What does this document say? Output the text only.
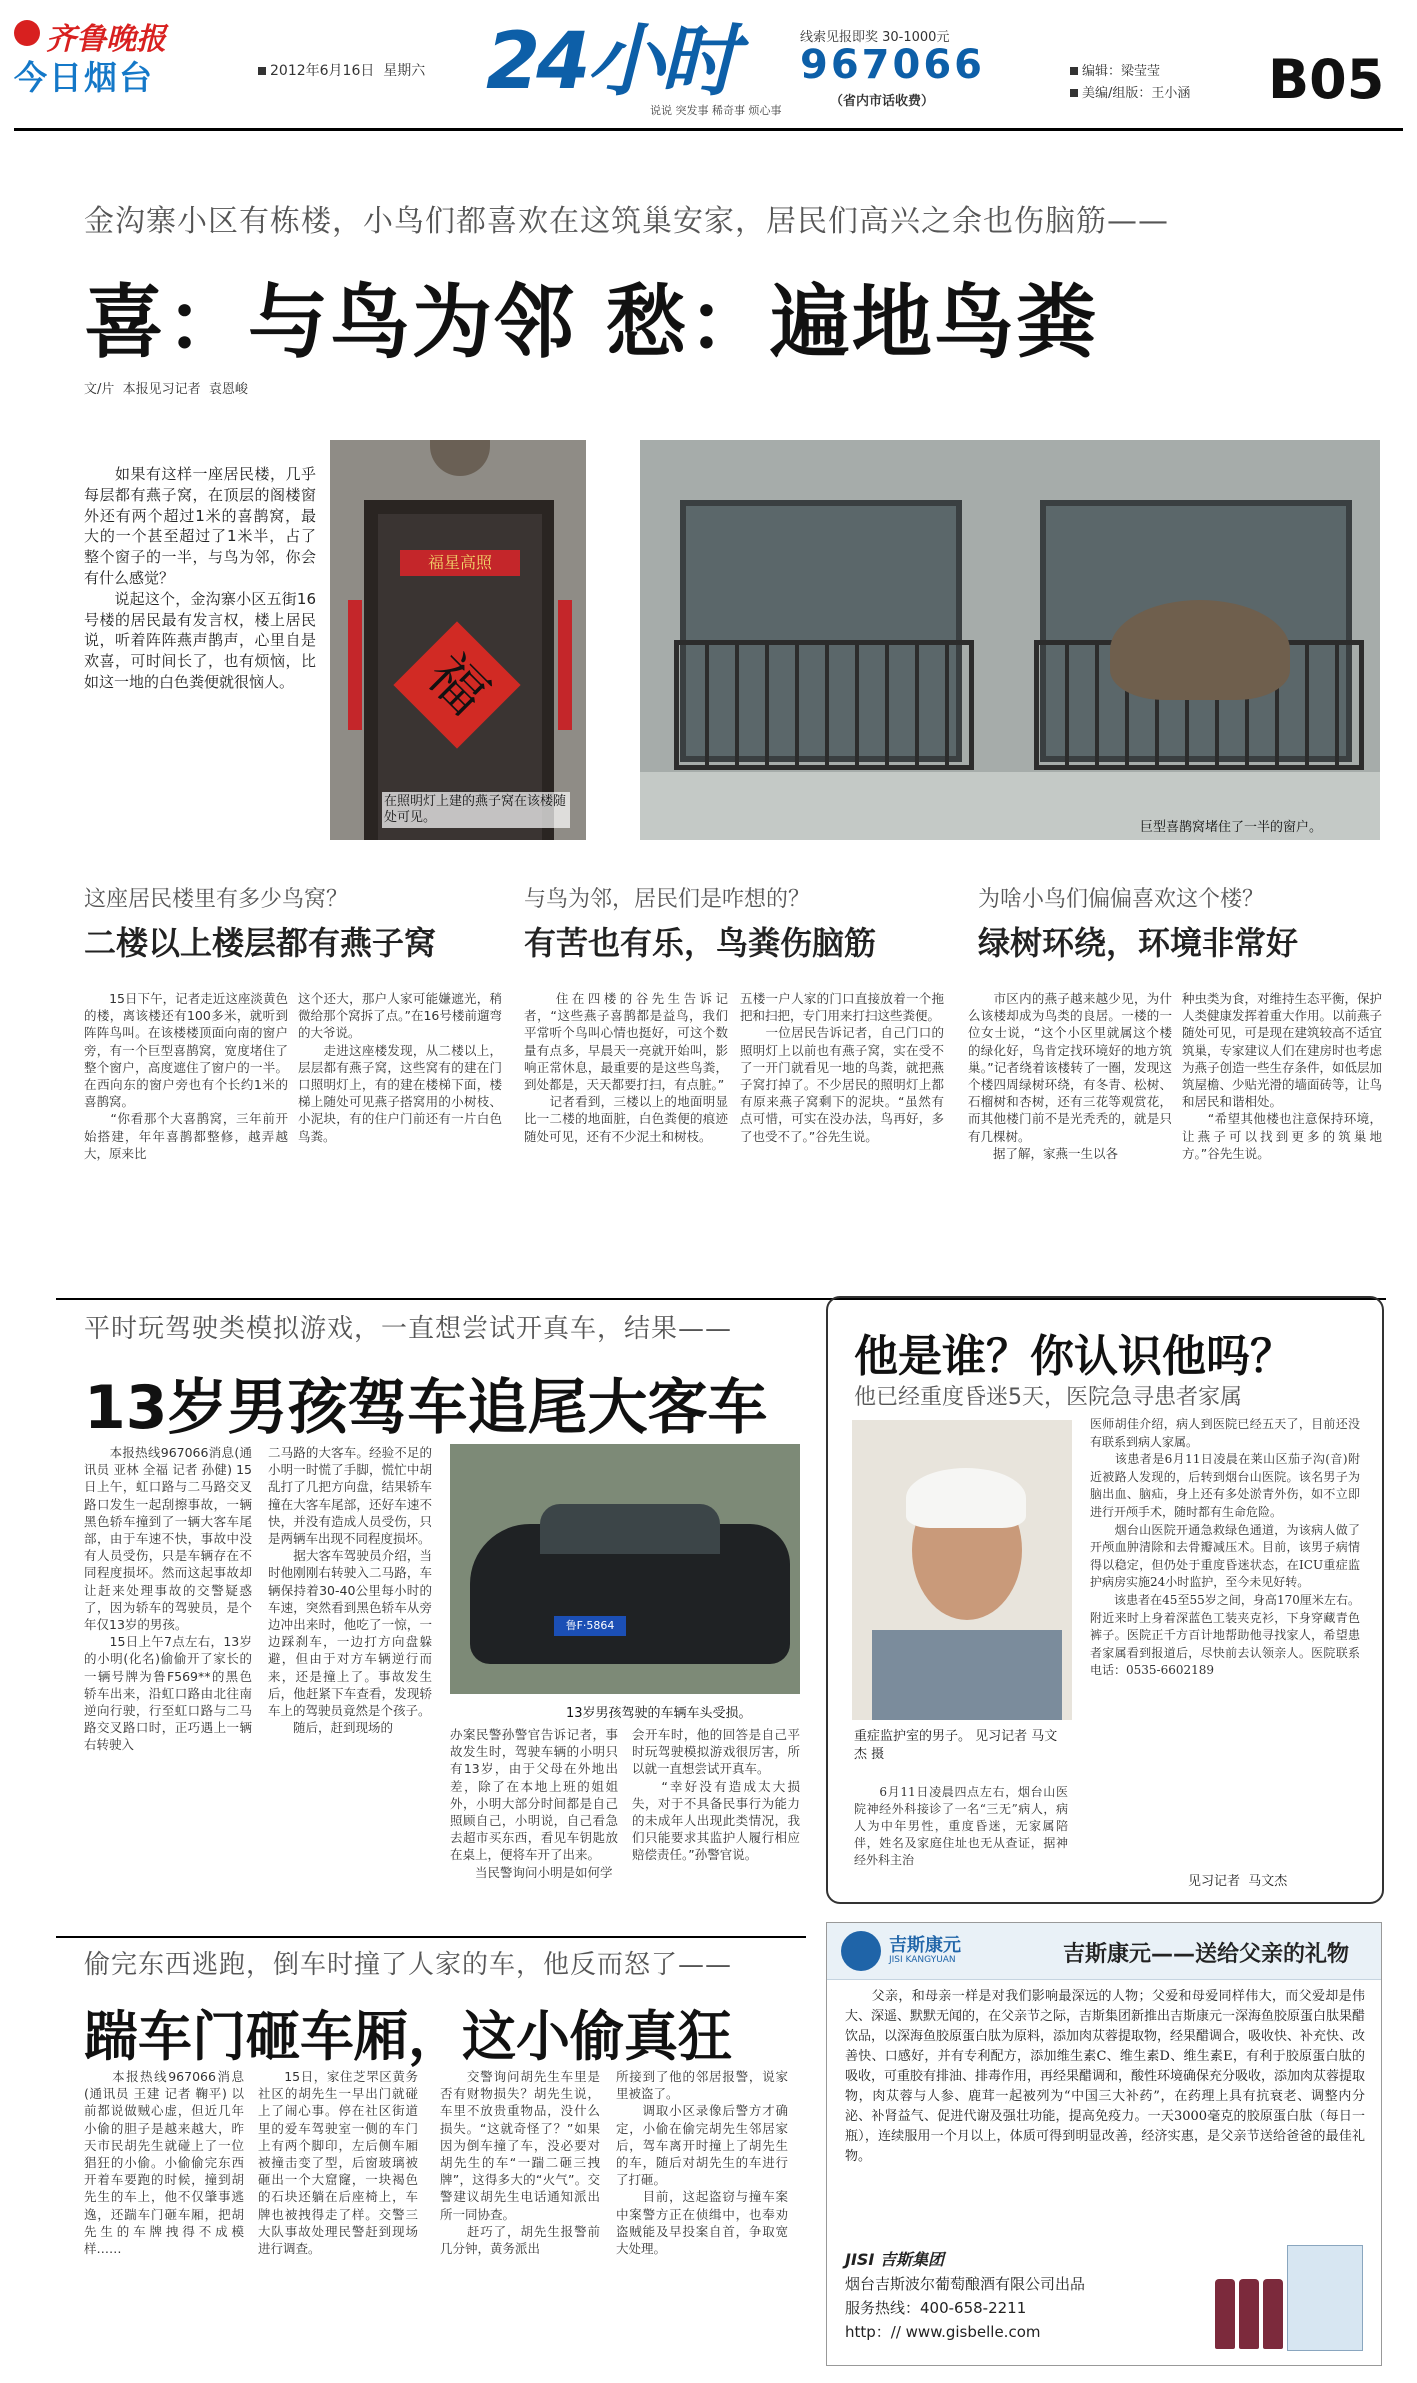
齐鲁晚报
今日烟台	2012年6月16日 星期六 24小时
说说 突发事 稀奇事 烦心事
线索见报即奖 30-1000元
967066
（省内市话收费）
编辑：梁莹莹
美编/组版：王小涵 B05
金沟寨小区有栋楼，小鸟们都喜欢在这筑巢安家，居民们高兴之余也伤脑筋——
喜：与鸟为邻 愁：遍地鸟粪
文/片  本报见习记者  袁恩峻
　　如果有这样一座居民楼，几乎每层都有燕子窝，在顶层的阁楼窗外还有两个超过1米的喜鹊窝，最大的一个甚至超过了1米半，占了整个窗子的一半，与鸟为邻，你会有什么感觉？
　　说起这个，金沟寨小区五街16号楼的居民最有发言权，楼上居民说，听着阵阵燕声鹊声，心里自是欢喜，可时间长了，也有烦恼，比如这一地的白色粪便就很恼人。
福星高照
福
在照明灯上建的燕子窝在该楼随处可见。
巨型喜鹊窝堵住了一半的窗户。
这座居民楼里有多少鸟窝？
二楼以上楼层都有燕子窝
与鸟为邻，居民们是咋想的？
有苦也有乐，鸟粪伤脑筋
为啥小鸟们偏偏喜欢这个楼？
绿树环绕，环境非常好
　　15日下午，记者走近这座淡黄色的楼，离该楼还有100多米，就听到阵阵鸟叫。在该楼楼顶面向南的窗户旁，有一个巨型喜鹊窝，宽度堵住了整个窗户，高度遮住了窗户的一半。在西向东的窗户旁也有个长约1米的喜鹊窝。
　　“你看那个大喜鹊窝，三年前开始搭建，年年喜鹊都整修，越弄越大，原来比
这个还大，那户人家可能嫌遮光，稍微给那个窝拆了点。”在16号楼前遛弯的大爷说。
　　走进这座楼发现，从二楼以上，层层都有燕子窝，这些窝有的建在门口照明灯上，有的建在楼梯下面，楼梯上随处可见燕子搭窝用的小树枝、小泥块，有的住户门前还有一片白色鸟粪。
　　住在四楼的谷先生告诉记者，“这些燕子喜鹊都是益鸟，我们平常听个鸟叫心情也挺好，可这个数量有点多，早晨天一亮就开始叫，影响正常休息，最重要的是这些鸟粪，到处都是，天天都要打扫，有点脏。”
　　记者看到，三楼以上的地面明显比一二楼的地面脏，白色粪便的痕迹随处可见，还有不少泥土和树枝。
五楼一户人家的门口直接放着一个拖把和扫把，专门用来打扫这些粪便。
　　一位居民告诉记者，自己门口的照明灯上以前也有燕子窝，实在受不了一开门就看见一地的鸟粪，就把燕子窝打掉了。不少居民的照明灯上都有原来燕子窝剩下的泥块。“虽然有点可惜，可实在没办法，鸟再好，多了也受不了。”谷先生说。
　　市区内的燕子越来越少见，为什么该楼却成为鸟类的良居。一楼的一位女士说，“这个小区里就属这个楼的绿化好，鸟肯定找环境好的地方筑巢。”记者绕着该楼转了一圈，发现这个楼四周绿树环绕，有冬青、松树、石榴树和杏树，还有三花等观赏花，而其他楼门前不是光秃秃的，就是只有几棵树。
　　据了解，家燕一生以各
种虫类为食，对维持生态平衡，保护人类健康发挥着重大作用。以前燕子随处可见，可是现在建筑较高不适宜筑巢，专家建议人们在建房时也考虑为燕子创造一些生存条件，如低层加筑屋檐、少贴光滑的墙面砖等，让鸟和居民和谐相处。
　　“希望其他楼也注意保持环境，让燕子可以找到更多的筑巢地方。”谷先生说。
平时玩驾驶类模拟游戏，一直想尝试开真车，结果——
13岁男孩驾车追尾大客车
　　本报热线967066消息(通讯员 亚林 全福 记者 孙健) 15日上午，虹口路与二马路交叉路口发生一起刮擦事故，一辆黑色轿车撞到了一辆大客车尾部，由于车速不快，事故中没有人员受伤，只是车辆存在不同程度损坏。然而这起事故却让赶来处理事故的交警疑惑了，因为轿车的驾驶员，是个年仅13岁的男孩。
　　15日上午7点左右，13岁的小明(化名)偷偷开了家长的一辆号牌为鲁F569**的黑色轿车出来，沿虹口路由北往南逆向行驶，行至虹口路与二马路交叉路口时，正巧遇上一辆右转驶入
二马路的大客车。经验不足的小明一时慌了手脚，慌忙中胡乱打了几把方向盘，结果轿车撞在大客车尾部，还好车速不快，并没有造成人员受伤，只是两辆车出现不同程度损坏。
　　据大客车驾驶员介绍，当时他刚刚右转驶入二马路，车辆保持着30-40公里每小时的车速，突然看到黑色轿车从旁边冲出来时，他吃了一惊，一边踩刹车，一边打方向盘躲避，但由于对方车辆逆行而来，还是撞上了。事故发生后，他赶紧下车查看，发现轿车上的驾驶员竟然是个孩子。
　　随后，赶到现场的
鲁F·5864
13岁男孩驾驶的车辆车头受损。
办案民警孙警官告诉记者，事故发生时，驾驶车辆的小明只有13岁，由于父母在外地出差，除了在本地上班的姐姐外，小明大部分时间都是自己照顾自己，小明说，自己看急去超市买东西，看见车钥匙放在桌上，便将车开了出来。
　　当民警询问小明是如何学
会开车时，他的回答是自己平时玩驾驶模拟游戏很厉害，所以就一直想尝试开真车。
　　“幸好没有造成太大损失，对于不具备民事行为能力的未成年人出现此类情况，我们只能要求其监护人履行相应赔偿责任。”孙警官说。
他是谁？你认识他吗？
他已经重度昏迷5天，医院急寻患者家属
重症监护室的男子。 见习记者 马文杰 摄
　　6月11日凌晨四点左右，烟台山医院神经外科接诊了一名“三无”病人，病人为中年男性，重度昏迷，无家属陪伴，姓名及家庭住址也无从查证，据神经外科主治
医师胡佳介绍，病人到医院已经五天了，目前还没有联系到病人家属。
　　该患者是6月11日凌晨在莱山区茄子沟(音)附近被路人发现的，后转到烟台山医院。该名男子为脑出血、脑疝，身上还有多处淤青外伤，如不立即进行开颅手术，随时都有生命危险。
　　烟台山医院开通急救绿色通道，为该病人做了开颅血肿清除和去骨瓣减压术。目前，该男子病情得以稳定，但仍处于重度昏迷状态，在ICU重症监护病房实施24小时监护，至今未见好转。
　　该患者在45至55岁之间，身高170厘米左右。附近来时上身着深蓝色工装夹克衫，下身穿藏青色裤子。医院正千方百计地帮助他寻找家人，希望患者家属看到报道后，尽快前去认领亲人。医院联系电话：0535-6602189
见习记者  马文杰
偷完东西逃跑，倒车时撞了人家的车，他反而怒了——
踹车门砸车厢，这小偷真狂
　　本报热线967066消息(通讯员 王建 记者 鞠平) 以前都说做贼心虚，但近几年小偷的胆子是越来越大，昨天市民胡先生就碰上了一位猖狂的小偷。小偷偷完东西开着车要跑的时候，撞到胡先生的车上，他不仅肇事逃逸，还踹车门砸车厢，把胡先生的车牌拽得不成模样……
　　15日，家住芝罘区黄务社区的胡先生一早出门就碰上了闹心事。停在社区街道里的爱车驾驶室一侧的车门上有两个脚印，左后侧车厢被撞击变了型，后窗玻璃被砸出一个大窟窿，一块褐色的石块还躺在后座椅上，车牌也被拽得走了样。交警三大队事故处理民警赶到现场进行调查。
　　交警询问胡先生车里是否有财物损失？胡先生说，车里不放贵重物品，没什么损失。“这就奇怪了？”如果因为倒车撞了车，没必要对胡先生的车“一踹二砸三拽牌”，这得多大的“火气”。交警建议胡先生电话通知派出所一同协查。
　　赶巧了，胡先生报警前几分钟，黄务派出
所接到了他的邻居报警，说家里被盗了。
　　调取小区录像后警方才确定，小偷在偷完胡先生邻居家后，驾车离开时撞上了胡先生的车，随后对胡先生的车进行了打砸。
　　目前，这起盗窃与撞车案中案警方正在侦缉中，也奉劝盗贼能及早投案自首，争取宽大处理。
吉斯康元
JISI KANGYUAN	吉斯康元——送给父亲的礼物
　　父亲，和母亲一样是对我们影响最深远的人物；父爱和母爱同样伟大，而父爱却是伟大、深遥、默默无闻的，在父亲节之际，吉斯集团新推出吉斯康元一深海鱼胶原蛋白肽果醋饮品，以深海鱼胶原蛋白肽为原料，添加肉苁蓉提取物，经果醋调合，吸收快、补充快、改善快、口感好，并有专利配方，添加维生素C、维生素D、维生素E，有利于胶原蛋白肽的吸收，可重胶有排油、排毒作用，再经果醋调和，酸性环境确保充分吸收，添加肉苁蓉提取物，肉苁蓉与人参、鹿茸一起被列为“中国三大补药”，在药理上具有抗衰老、调整内分泌、补肾益气、促进代谢及强壮功能，提高免疫力。一天3000毫克的胶原蛋白肽（每日一瓶），连续服用一个月以上，体质可得到明显改善，经济实惠，是父亲节送给爸爸的最佳礼物。
JISI 吉斯集团
烟台吉斯波尔葡萄酿酒有限公司出品
服务热线：400-658-2211
http：// www.gisbelle.com
